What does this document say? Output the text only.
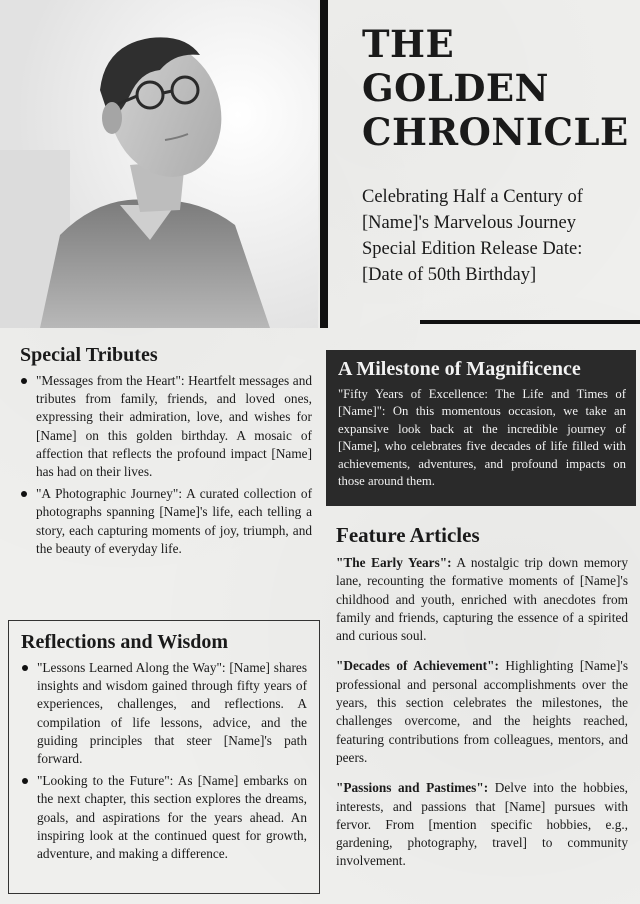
THE
GOLDEN
CHRONICLE
Celebrating Half a Century of
[Name]'s Marvelous Journey
Special Edition Release Date:
[Date of 50th Birthday]
Special Tributes
"Messages from the Heart": Heartfelt messages and tributes from family, friends, and loved ones, expressing their admiration, love, and wishes for [Name] on this golden birthday. A mosaic of affection that reflects the profound impact [Name] has had on their lives.
"A Photographic Journey": A curated collection of photographs spanning [Name]'s life, each telling a story, each capturing moments of joy, triumph, and the beauty of everyday life.
Reflections and Wisdom
"Lessons Learned Along the Way": [Name] shares insights and wisdom gained through fifty years of experiences, challenges, and reflections. A compilation of life lessons, advice, and the guiding principles that steer [Name]'s path forward.
"Looking to the Future": As [Name] embarks on the next chapter, this section explores the dreams, goals, and aspirations for the years ahead. An inspiring look at the continued quest for growth, adventure, and making a difference.
A Milestone of Magnificence

"Fifty Years of Excellence: The Life and Times of [Name]": On this momentous occasion, we take an expansive look back at the incredible journey of [Name], who celebrates five decades of life filled with achievements, adventures, and profound impacts on those around them.

Feature Articles

"The Early Years": A nostalgic trip down memory lane, recounting the formative moments of [Name]'s childhood and youth, enriched with anecdotes from family and friends, capturing the essence of a spirited and curious soul.

"Decades of Achievement": Highlighting [Name]'s professional and personal accomplishments over the years, this section celebrates the milestones, the challenges overcome, and the heights reached, featuring contributions from colleagues, mentors, and peers.

"Passions and Pastimes": Delve into the hobbies, interests, and passions that [Name] pursues with fervor. From [mention specific hobbies, e.g., gardening, photography, travel] to community involvement.
